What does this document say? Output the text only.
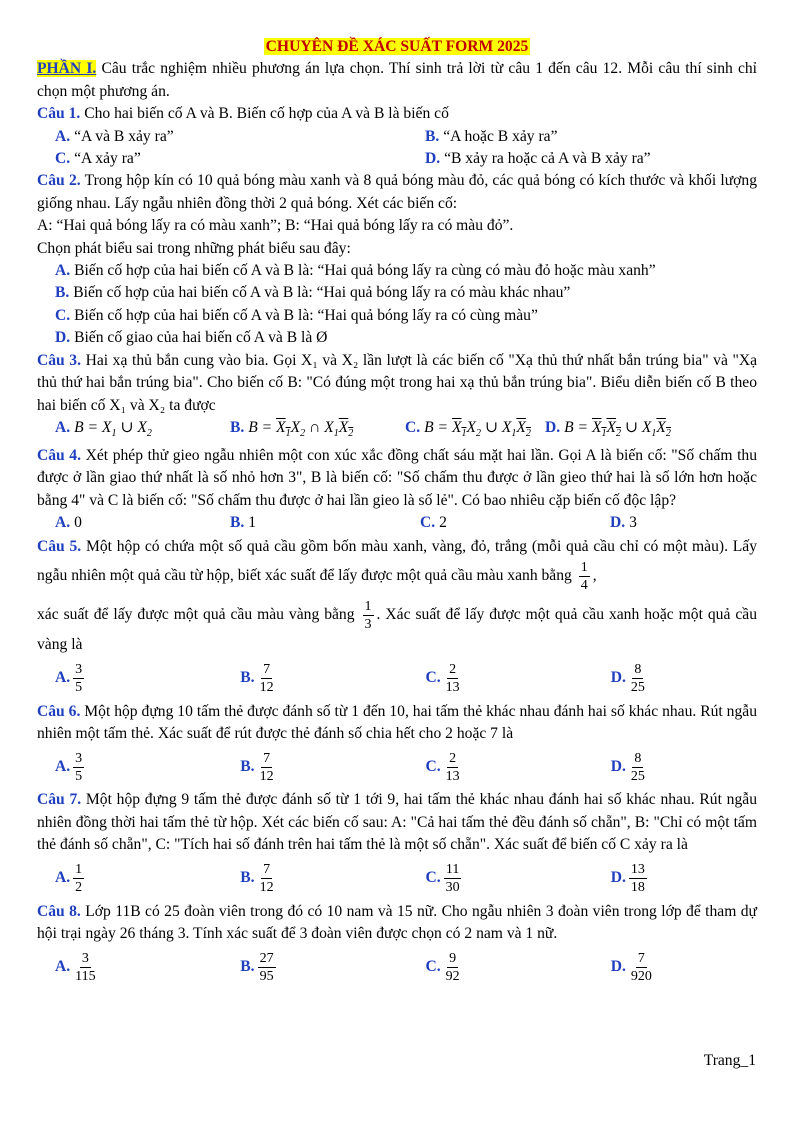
CHUYÊN ĐỀ XÁC SUẤT FORM 2025

PHẦN I. Câu trắc nghiệm nhiều phương án lựa chọn. Thí sinh trả lời từ câu 1 đến câu 12. Mỗi câu thí sinh chỉ chọn một phương án.

Câu 1. Cho hai biến cố A và B. Biến cố hợp của A và B là biến cố

A. “A và B xảy ra”	B. “A hoặc B xảy ra”
C. “A xảy ra”	D. “B xảy ra hoặc cả A và B xảy ra”

Câu 2. Trong hộp kín có 10 quả bóng màu xanh và 8 quả bóng màu đỏ, các quả bóng có kích thước và khối lượng giống nhau. Lấy ngẫu nhiên đồng thời 2 quả bóng. Xét các biến cố:

A: “Hai quả bóng lấy ra có màu xanh”; B: “Hai quả bóng lấy ra có màu đỏ”.

Chọn phát biểu sai trong những phát biểu sau đây:

A. Biến cố hợp của hai biến cố A và B là: “Hai quả bóng lấy ra cùng có màu đỏ hoặc màu xanh”
B. Biến cố hợp của hai biến cố A và B là: “Hai quả bóng lấy ra có màu khác nhau”
C. Biến cố hợp của hai biến cố A và B là: “Hai quả bóng lấy ra có cùng màu”
D. Biến cố giao của hai biến cố A và B là Ø

Câu 3. Hai xạ thủ bắn cung vào bia. Gọi X₁ và X₂ lần lượt là các biến cố "Xạ thủ thứ nhất bắn trúng bia" và "Xạ thủ thứ hai bắn trúng bia". Cho biến cố B: "Có đúng một trong hai xạ thủ bắn trúng bia". Biểu diễn biến cố B theo hai biến cố X₁ và X₂ ta được

A. $B = X_1$ ∪ $X_2$	B. $B = X_1X_2$ ∩ $X_1X_2$	C. $B = X_1X_2$ ∪ $X_1X_2$ D. $B = X_1X_2$ ∪ $X_1X_2$

Câu 4. Xét phép thử gieo ngẫu nhiên một con xúc xắc đồng chất sáu mặt hai lần. Gọi A là biến cố: "Số chấm thu được ở lần giao thứ nhất là số nhỏ hơn 3", B là biến cố: "Số chấm thu được ở lần gieo thứ hai là số lớn hơn hoặc bằng 4" và C là biến cố: "Số chấm thu được ở hai lần gieo là số lẻ". Có bao nhiêu cặp biến cố độc lập?

A. 0	B. 1	C. 2	D. 3
Câu 5. Một hộp có chứa một số quả cầu gồm bốn màu xanh, vàng, đỏ, trắng (mỗi quả cầu chỉ có một màu). Lấy ngẫu nhiên một quả cầu từ hộp, biết xác suất để lấy được một quả cầu màu xanh bằng $\frac{1}{4}$ ,
xác suất để lấy được một quả cầu màu vàng bằng $\frac{1}{3}$ . Xác suất để lấy được một quả cầu xanh hoặc một quả cầu vàng là
A. $\frac{3}{5}$	B. $\frac{7}{12}$	C. $\frac{2}{13}$	D. $\frac{8}{25}$

Câu 6. Một hộp đựng 10 tấm thẻ được đánh số từ 1 đến 10, hai tấm thẻ khác nhau đánh hai số khác nhau. Rút ngẫu nhiên một tấm thẻ. Xác suất để rút được thẻ đánh số chia hết cho 2 hoặc 7 là

A. $\frac{3}{5}$	B. $\frac{7}{12}$	C. $\frac{2}{13}$	D. $\frac{8}{25}$

Câu 7. Một hộp đựng 9 tấm thẻ được đánh số từ 1 tới 9, hai tấm thẻ khác nhau đánh hai số khác nhau. Rút ngẫu nhiên đồng thời hai tấm thẻ từ hộp. Xét các biến cố sau: A: "Cả hai tấm thẻ đều đánh số chẵn", B: "Chỉ có một tấm thẻ đánh số chẵn", C: "Tích hai số đánh trên hai tấm thẻ là một số chẵn". Xác suất để biến cố C xảy ra là

A. $\frac{1}{2}$	B. $\frac{7}{12}$	C. $\frac{11}{30}$	D. $\frac{13}{18}$

Câu 8. Lớp 11B có 25 đoàn viên trong đó có 10 nam và 15 nữ. Cho ngẫu nhiên 3 đoàn viên trong lớp để tham dự hội trại ngày 26 tháng 3. Tính xác suất để 3 đoàn viên được chọn có 2 nam và 1 nữ.

A. $\frac{3}{115}$	B. $\frac{27}{95}$	C. $\frac{9}{92}$	D. $\frac{7}{920}$
Trang_1
